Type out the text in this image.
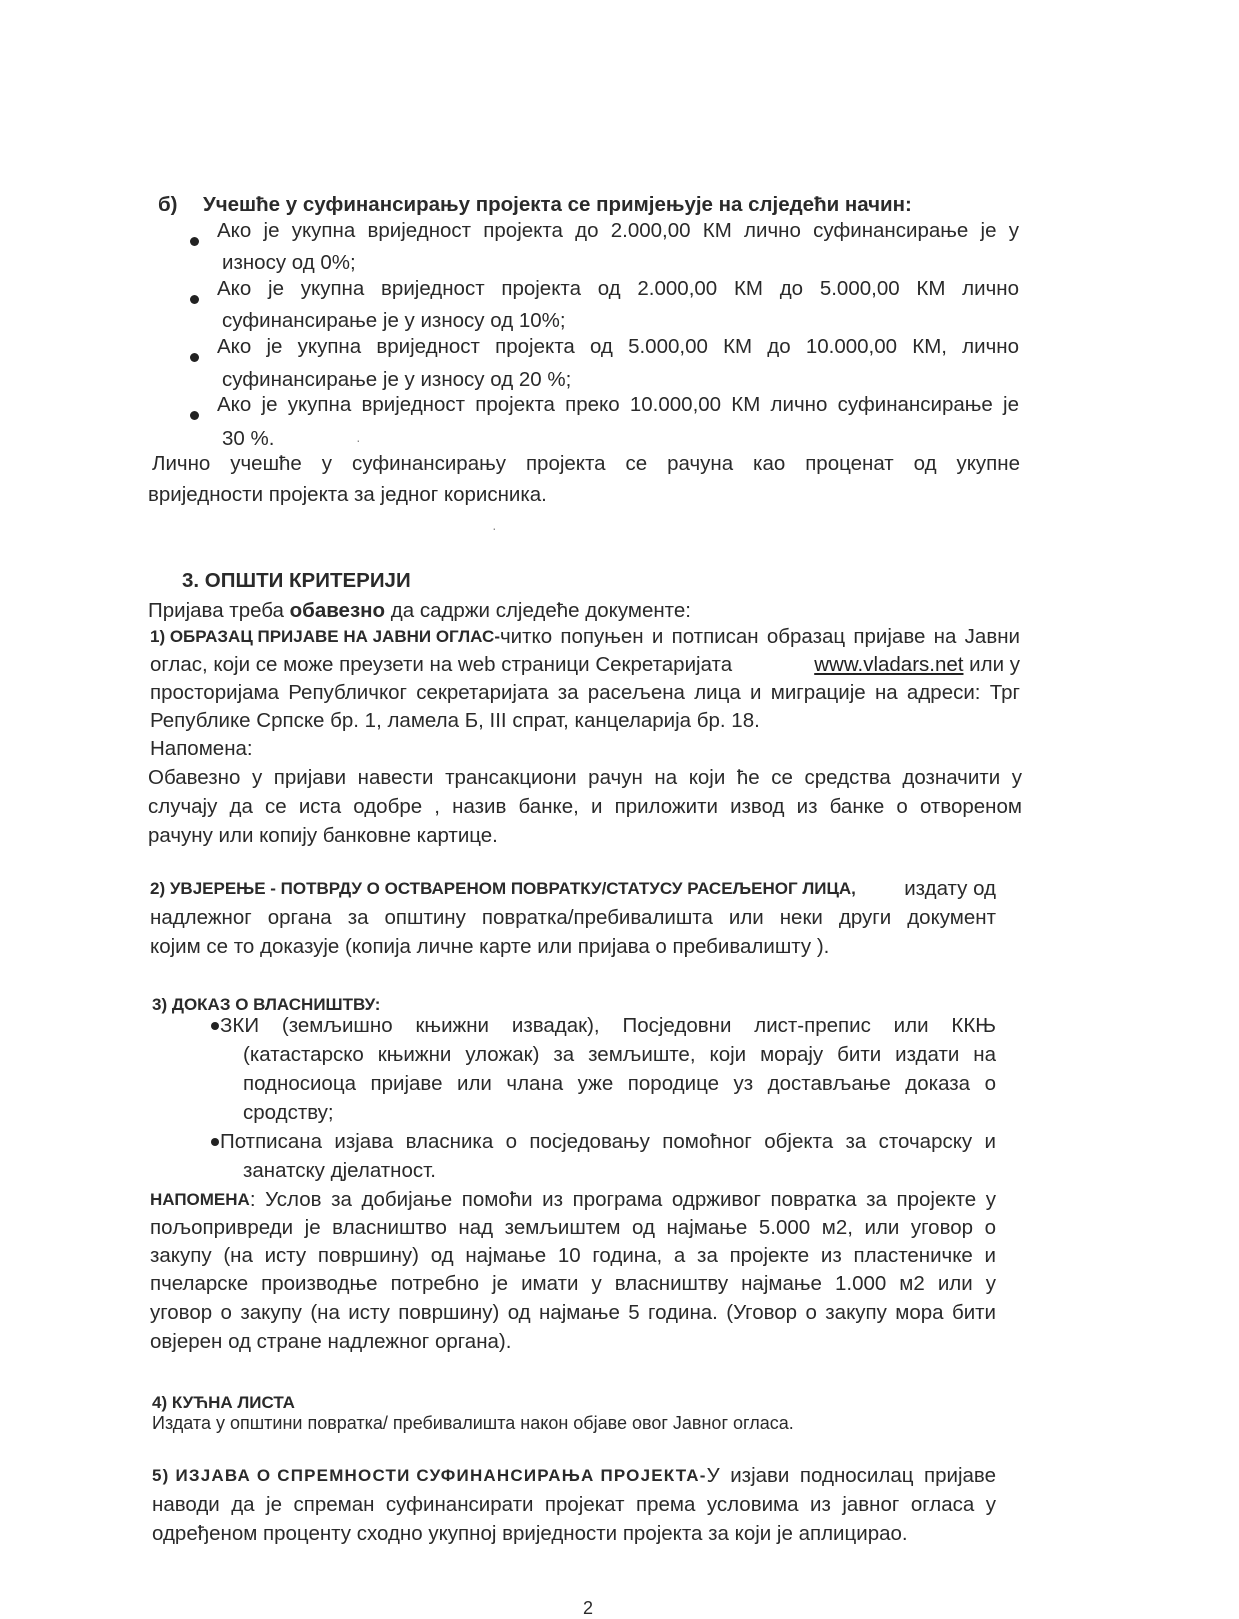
б) Учешће у суфинансирању пројекта се примјењује на слједећи начин:
Ако је укупна вриједност пројекта до 2.000,00 КМ лично суфинансирање је у
износу од 0%;
Ако је укупна вриједност пројекта од 2.000,00 КМ до 5.000,00 КМ лично
суфинансирање је у износу од 10%;
Ако је укупна вриједност пројекта од 5.000,00 КМ до 10.000,00 КМ, лично
суфинансирање је у износу од 20 %;
Ако је укупна вриједност пројекта преко 10.000,00 КМ лично суфинансирање је
30 %.
Лично учешће у суфинансирању пројекта се рачуна као проценат од укупне
вриједности пројекта за једног корисника.
3. ОПШТИ КРИТЕРИЈИ
Пријава треба обавезно да садржи слједеће документе:
1) ОБРАЗАЦ ПРИЈАВЕ НА ЈАВНИ ОГЛАС- читко попуњен и потписан образац пријаве на Јавни
оглас, који се може преузети на web страници Секретаријата	www.vladars.net или у
просторијама Републичког секретаријата за расељена лица и миграције на адреси: Трг
Републике Српске бр. 1, ламела Б, III спрат, канцеларија бр. 18.
Напомена:
Обавезно у пријави навести трансакциони рачун на који ће се средства дозначити у
случају да се иста одобре , назив банке, и приложити извод из банке о отвореном
рачуну или копију банковне картице.
2) УВЈЕРЕЊЕ - ПОТВРДУ О ОСТВАРЕНОМ ПОВРАТКУ/СТАТУСУ РАСЕЉЕНОГ ЛИЦА, издату од
надлежног органа за општину повратка/пребивалишта или неки други документ
којим се то доказује (копија личне карте или пријава о пребивалишту ).
3) ДОКАЗ О ВЛАСНИШТВУ:
ЗКИ (земљишно књижни извадак), Посједовни лист-препис или ККЊ
(катастарско књижни уложак) за земљиште, који морају бити издати на
подносиоца пријаве или члана уже породице уз достављање доказа о
сродству;
Потписана изјава власника о посједовању помоћног објекта за сточарску и
занатску дјелатност.
НАПОМЕНА : Услов за добијање помоћи из програма одрживог повратка за пројекте у
пољопривреди је власништво над земљиштем од најмање 5.000 м2, или уговор о
закупу (на исту површину) од најмање 10 година, а за пројекте из пластеничке и
пчеларске производње потребно је имати у власништву најмање 1.000 м2 или у
уговор о закупу (на исту површину) од најмање 5 година. (Уговор о закупу мора бити
овјерен од стране надлежног органа).
4) КУЋНА ЛИСТА
Издата у општини повратка/ пребивалишта након објаве овог Јавног огласа.
5) ИЗЈАВА О СПРЕМНОСТИ СУФИНАНСИРАЊА ПРОЈЕКТА- У изјави подносилац пријаве
наводи да је спреман суфинансирати пројекат према условима из јавног огласа у
одређеном проценту сходно укупној вриједности пројекта за који је аплицирао.
2
·
·
